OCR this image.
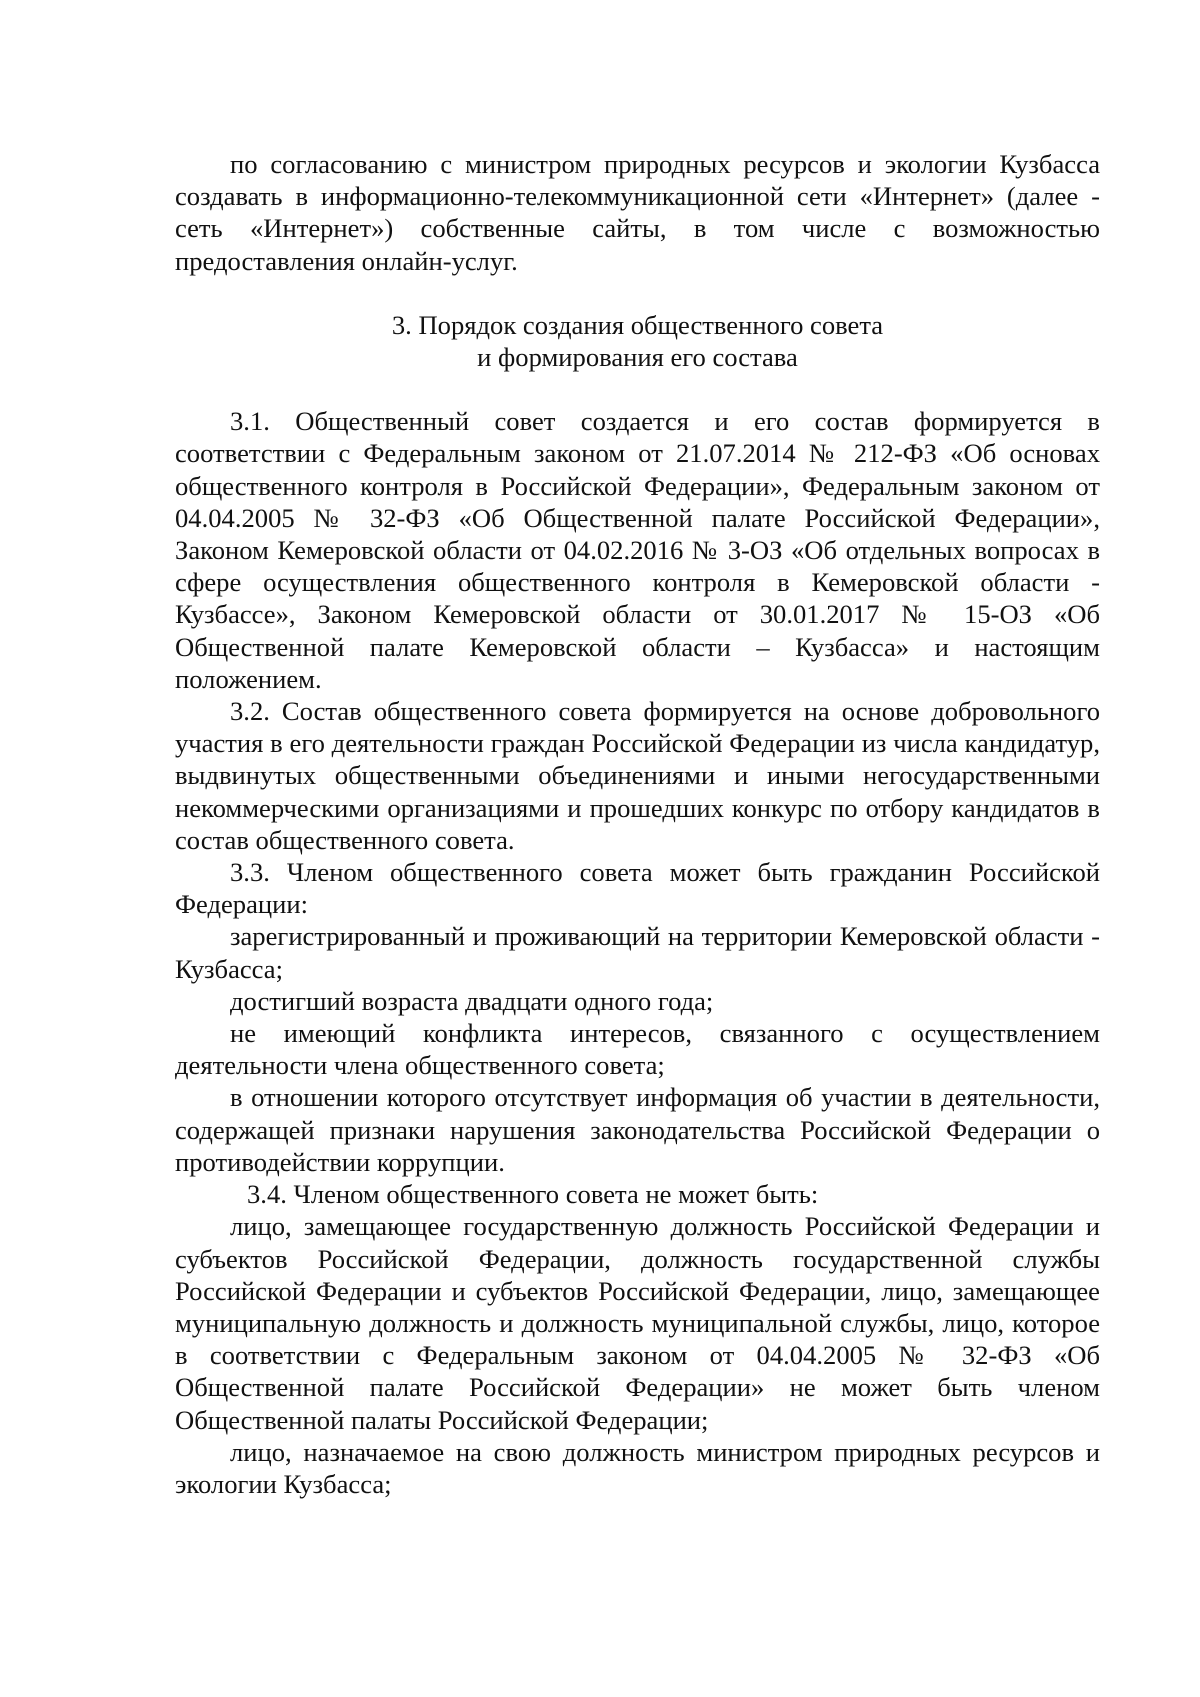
по согласованию с министром природных ресурсов и экологии Кузбасса создавать в информационно-телекоммуникационной сети «Интернет» (далее - сеть «Интернет») собственные сайты, в том числе с возможностью предоставления онлайн-услуг.

3. Порядок создания общественного совета

и формирования его состава

3.1. Общественный совет создается и его состав формируется в соответствии с Федеральным законом от 21.07.2014 № 212-ФЗ «Об основах общественного контроля в Российской Федерации», Федеральным законом от 04.04.2005 № 32-ФЗ «Об Общественной палате Российской Федерации», Законом Кемеровской области от 04.02.2016 № 3-ОЗ «Об отдельных вопросах в сфере осуществления общественного контроля в Кемеровской области - Кузбассе», Законом Кемеровской области от 30.01.2017 № 15-ОЗ «Об Общественной палате Кемеровской области – Кузбасса» и настоящим положением.

3.2. Состав общественного совета формируется на основе добровольного участия в его деятельности граждан Российской Федерации из числа кандидатур, выдвинутых общественными объединениями и иными негосударственными некоммерческими организациями и прошедших конкурс по отбору кандидатов в состав общественного совета.

3.3. Членом общественного совета может быть гражданин Российской Федерации:

зарегистрированный и проживающий на территории Кемеровской области - Кузбасса;

достигший возраста двадцати одного года;

не имеющий конфликта интересов, связанного с осуществлением деятельности члена общественного совета;

в отношении которого отсутствует информация об участии в деятельности, содержащей признаки нарушения законодательства Российской Федерации о противодействии коррупции.

3.4. Членом общественного совета не может быть:

лицо, замещающее государственную должность Российской Федерации и субъектов Российской Федерации, должность государственной службы Российской Федерации и субъектов Российской Федерации, лицо, замещающее муниципальную должность и должность муниципальной службы, лицо, которое в соответствии с Федеральным законом от 04.04.2005 № 32-ФЗ «Об Общественной палате Российской Федерации» не может быть членом Общественной палаты Российской Федерации;

лицо, назначаемое на свою должность министром природных ресурсов и экологии Кузбасса;
